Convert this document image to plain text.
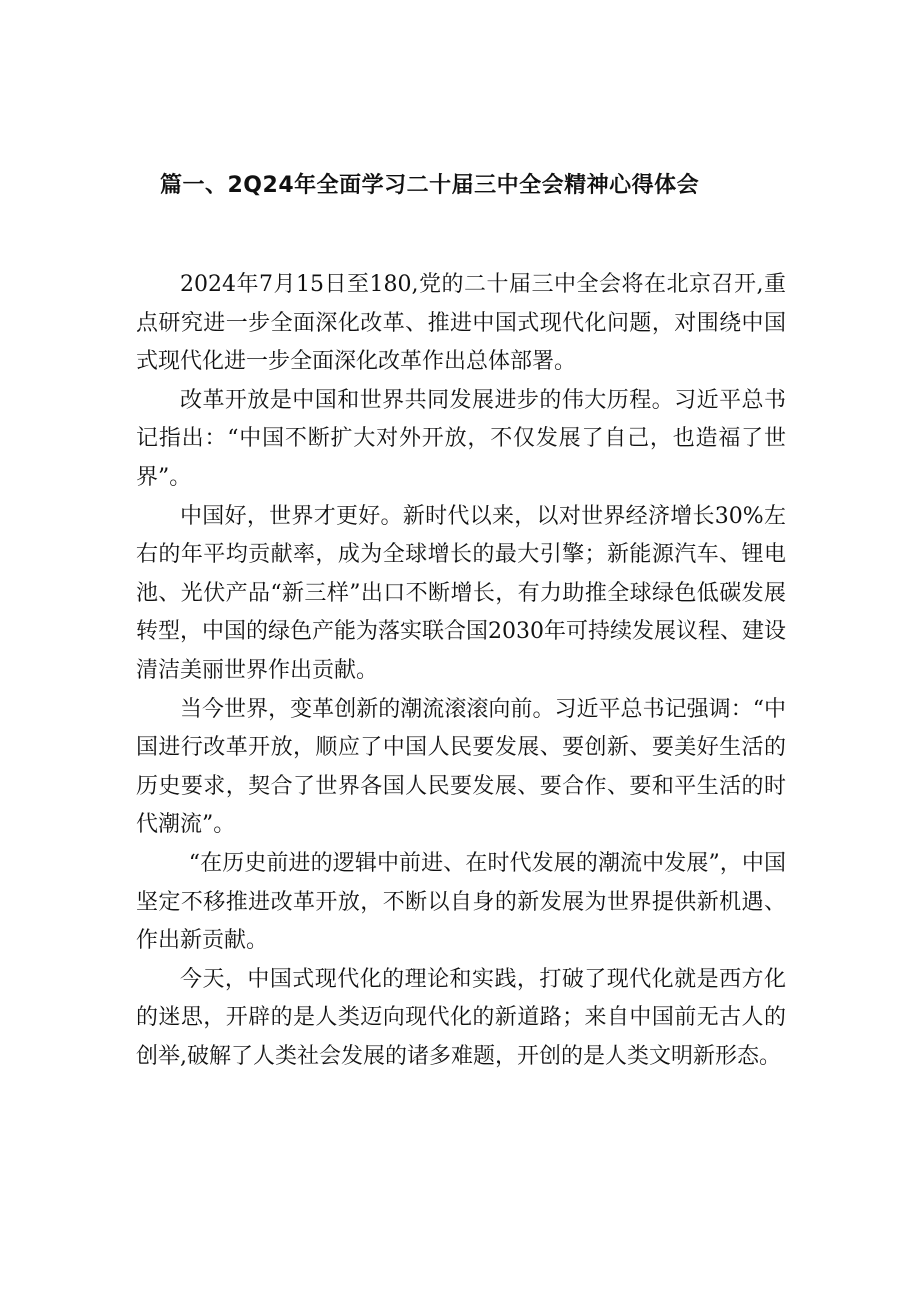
篇一、2Q24年全面学习二十届三中全会精神心得体会

2024年7月15日至180,党的二十届三中全会将在北京召开,重点研究进一步全面深化改革、推进中国式现代化问题，对围绕中国式现代化进一步全面深化改革作出总体部署。

改革开放是中国和世界共同发展进步的伟大历程。习近平总书记指出：“中国不断扩大对外开放，不仅发展了自己，也造福了世界”。

中国好，世界才更好。新时代以来，以对世界经济增长30%左右的年平均贡献率，成为全球增长的最大引擎；新能源汽车、锂电池、光伏产品“新三样”出口不断增长，有力助推全球绿色低碳发展转型，中国的绿色产能为落实联合国2030年可持续发展议程、建设清洁美丽世界作出贡献。

当今世界，变革创新的潮流滚滚向前。习近平总书记强调：“中国进行改革开放，顺应了中国人民要发展、要创新、要美好生活的历史要求，契合了世界各国人民要发展、要合作、要和平生活的时代潮流”。

“在历史前进的逻辑中前进、在时代发展的潮流中发展”，中国坚定不移推进改革开放，不断以自身的新发展为世界提供新机遇、作出新贡献。

今天，中国式现代化的理论和实践，打破了现代化就是西方化的迷思，开辟的是人类迈向现代化的新道路；来自中国前无古人的创举,破解了人类社会发展的诸多难题，开创的是人类文明新形态。
